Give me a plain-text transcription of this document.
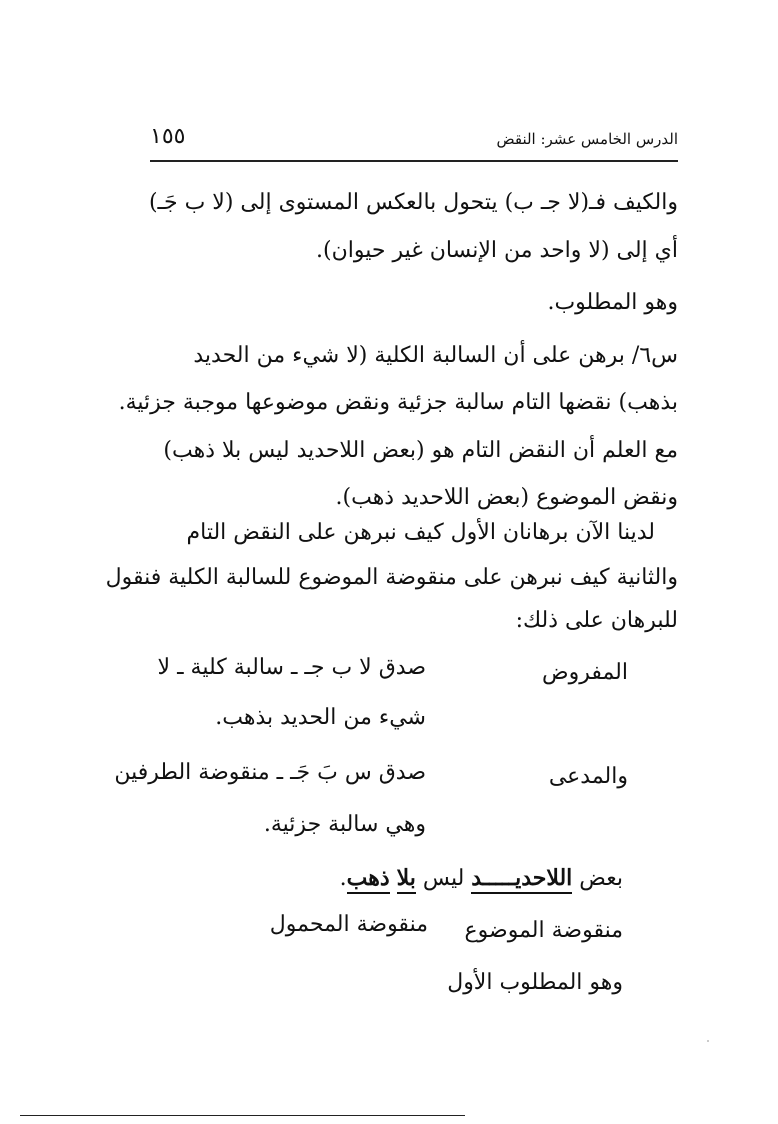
الدرس الخامس عشر: النقض
١٥٥
والكيف فـ(لا جـ ب) يتحول بالعكس المستوى إلى (لا ب جَـ)
أي إلى (لا واحد من الإنسان غير حيوان).
وهو المطلوب.
س٦/ برهن على أن السالبة الكلية (لا شيء من الحديد
بذهب) نقضها التام سالبة جزئية ونقض موضوعها موجبة جزئية.
مع العلم أن النقض التام هو (بعض اللاحديد ليس بلا ذهب)
ونقض الموضوع (بعض اللاحديد ذهب).
لدينا الآن برهانان الأول كيف نبرهن على النقض التام
والثانية كيف نبرهن على منقوضة الموضوع للسالبة الكلية فنقول
للبرهان على ذلك:
المفروض
صدق لا ب جـ ـ سالبة كلية ـ لا
شيء من الحديد بذهب.
والمدعى
صدق س بَ جَـ ـ منقوضة الطرفين
وهي سالبة جزئية.
بعض اللاحديـــــد ليس بلا ذهب.
منقوضة الموضوع
منقوضة المحمول
وهو المطلوب الأول
